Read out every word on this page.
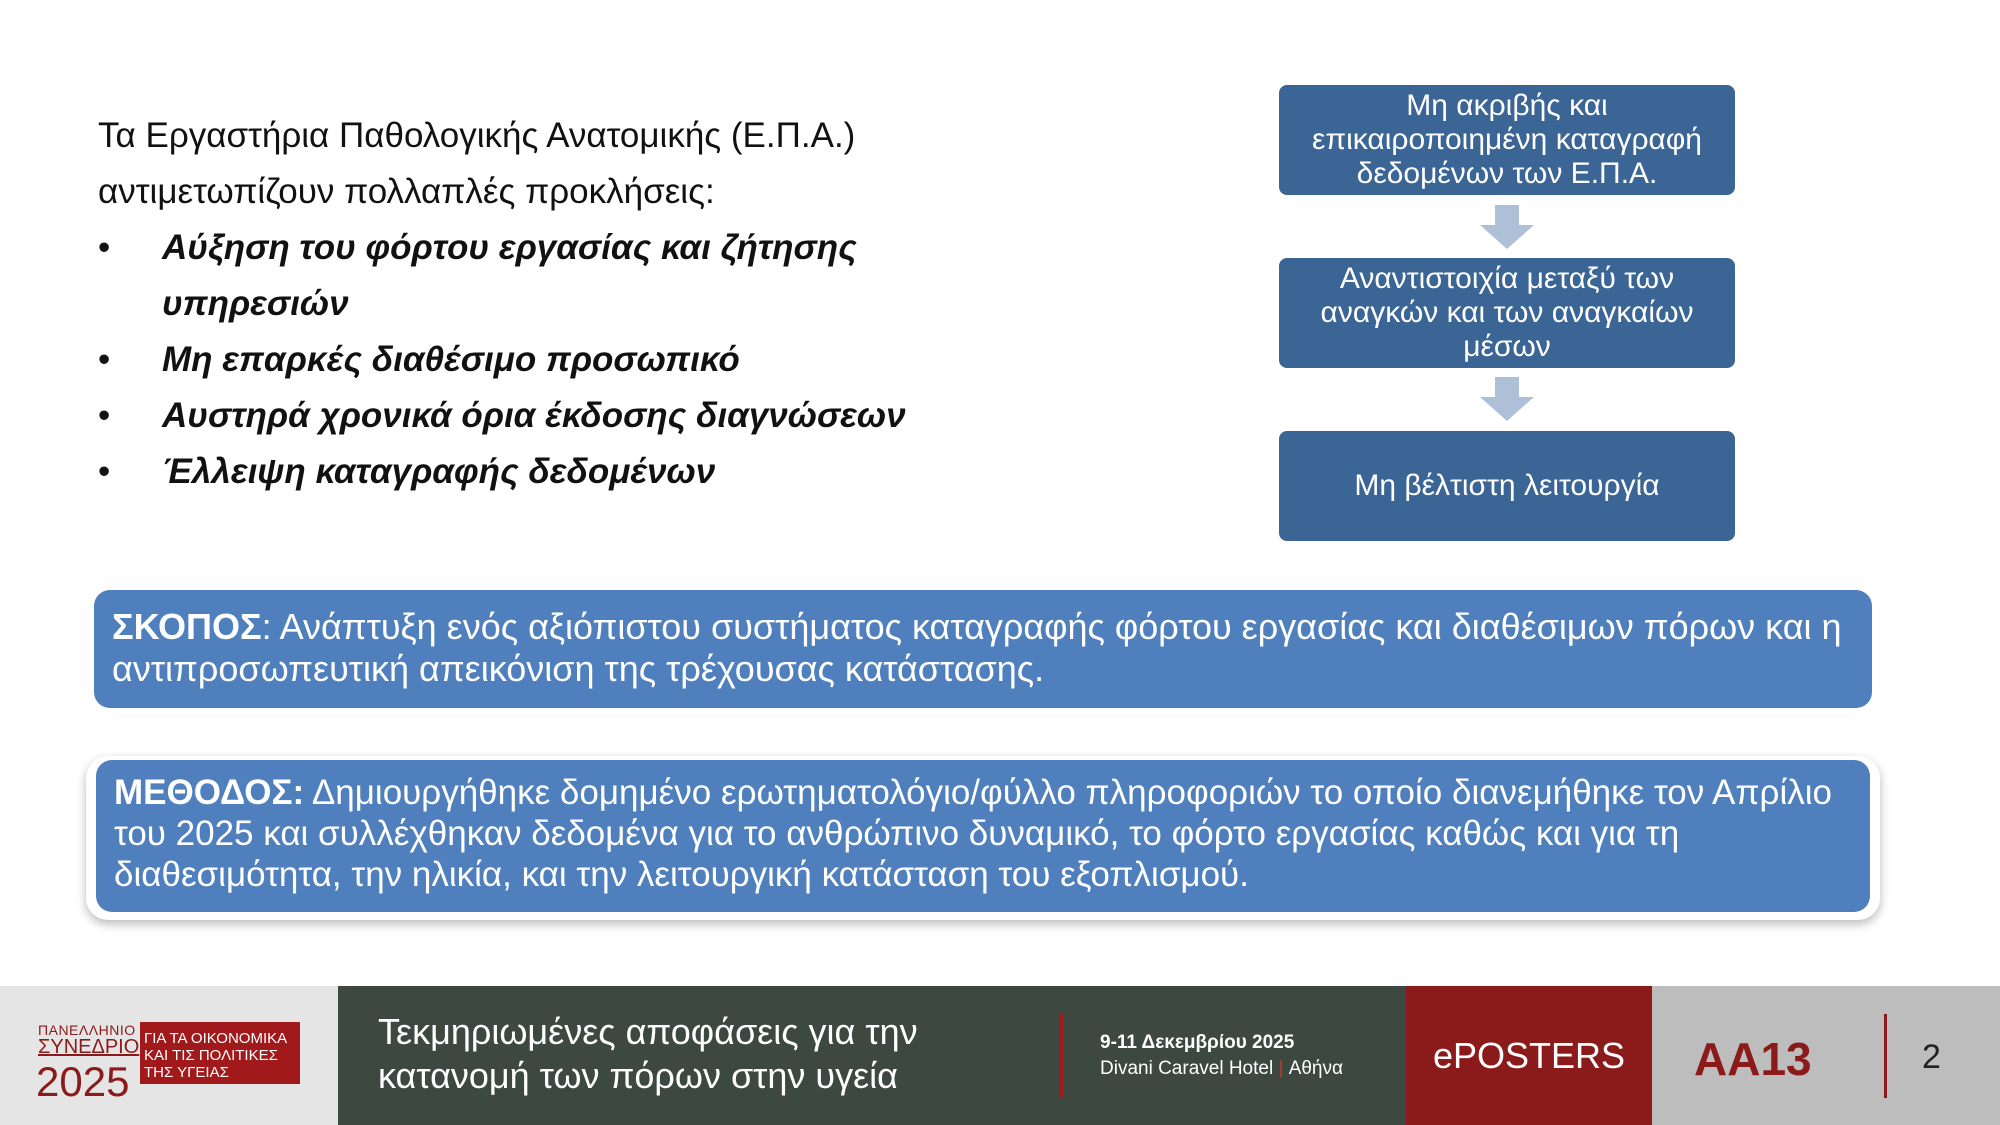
Τα Εργαστήρια Παθολογικής Ανατομικής (Ε.Π.Α.)

αντιμετωπίζουν πολλαπλές προκλήσεις:

• Αύξηση του φόρτου εργασίας και ζήτησης υπηρεσιών
• Μη επαρκές διαθέσιμο προσωπικό
• Αυστηρά χρονικά όρια έκδοσης διαγνώσεων
• Έλλειψη καταγραφής δεδομένων
Μη ακριβής και επικαιροποιημένη καταγραφή δεδομένων των Ε.Π.Α.
Αναντιστοιχία μεταξύ των αναγκών και των αναγκαίων μέσων
Μη βέλτιστη λειτουργία
ΣΚΟΠΟΣ: Ανάπτυξη ενός αξιόπιστου συστήματος καταγραφής φόρτου εργασίας και διαθέσιμων πόρων και η αντιπροσωπευτική απεικόνιση της τρέχουσας κατάστασης.
ΜΕΘΟΔΟΣ: Δημιουργήθηκε δομημένο ερωτηματολόγιο/φύλλο πληροφοριών το οποίο διανεμήθηκε τον Απρίλιο του 2025 και συλλέχθηκαν δεδομένα για το ανθρώπινο δυναμικό, το φόρτο εργασίας καθώς και για τη διαθεσιμότητα, την ηλικία, και την λειτουργική κατάσταση του εξοπλισμού.
ΠΑΝΕΛΛΗΝΙΟ
ΣΥΝΕΔΡΙΟ
2025
ΓΙΑ ΤΑ ΟΙΚΟΝΟΜΙΚΑ ΚΑΙ ΤΙΣ ΠΟΛΙΤΙΚΕΣ ΤΗΣ ΥΓΕΙΑΣ
Τεκμηριωμένες αποφάσεις για την
κατανομή των πόρων στην υγεία
9-11 Δεκεμβρίου 2025
Divani Caravel Hotel | Αθήνα	ePOSTERS	AA13	2
